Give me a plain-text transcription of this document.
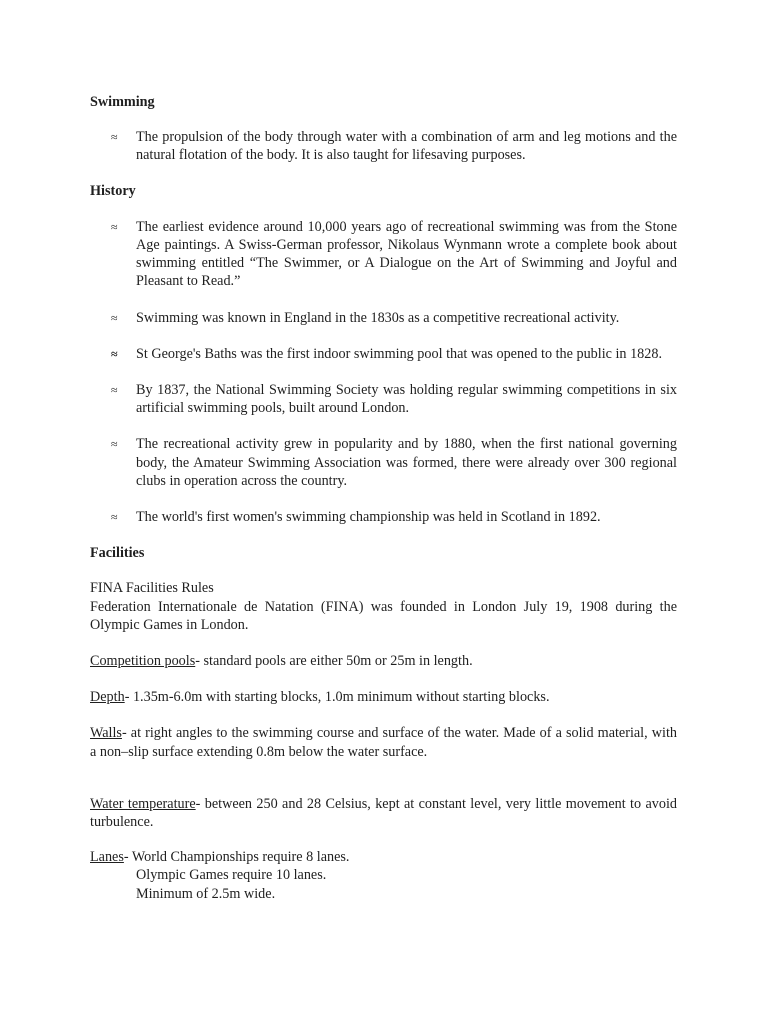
Swimming

≈ The propulsion of the body through water with a combination of arm and leg motions and the natural flotation of the body. It is also taught for lifesaving purposes.

History

≈ The earliest evidence around 10,000 years ago of recreational swimming was from the Stone Age paintings. A Swiss-German professor, Nikolaus Wynmann wrote a complete book about swimming entitled “The Swimmer, or A Dialogue on the Art of Swimming and Joyful and Pleasant to Read.”
≈ Swimming was known in England in the 1830s as a competitive recreational activity.
≈ St George's Baths was the first indoor swimming pool that was opened to the public in 1828.
≈ By 1837, the National Swimming Society was holding regular swimming competitions in six artificial swimming pools, built around London.
≈ The recreational activity grew in popularity and by 1880, when the first national governing body, the Amateur Swimming Association was formed, there were already over 300 regional clubs in operation across the country.
≈ The world's first women's swimming championship was held in Scotland in 1892.

Facilities

FINA Facilities Rules

Federation Internationale de Natation (FINA) was founded in London July 19, 1908 during the Olympic Games in London.

Competition pools- standard pools are either 50m or 25m in length.

Depth- 1.35m-6.0m with starting blocks, 1.0m minimum without starting blocks.

Walls- at right angles to the swimming course and surface of the water. Made of a solid material, with a non–slip surface extending 0.8m below the water surface.

Water temperature- between 250 and 28 Celsius, kept at constant level, very little movement to avoid turbulence.

Lanes- World Championships require 8 lanes.

Olympic Games require 10 lanes.

Minimum of 2.5m wide.
